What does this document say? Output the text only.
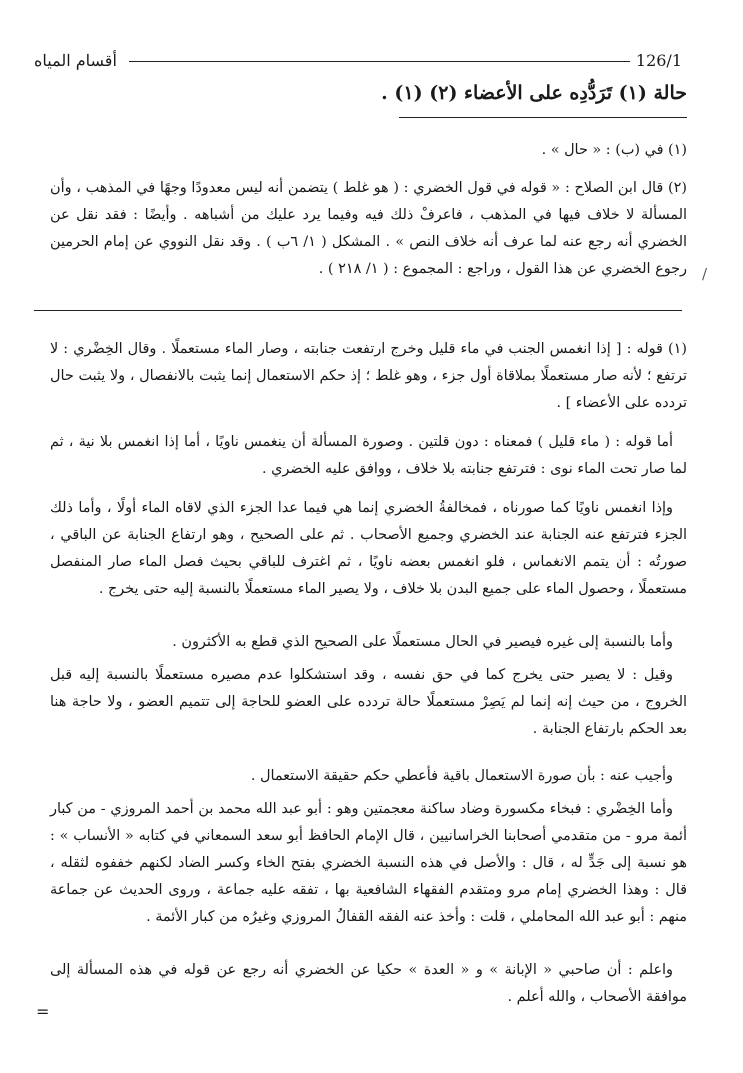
أقسام المياه	126/1
حالة (١) تَرَدُّدِه على الأعضاء (٢) (١) .
(١) في (ب) : « حال » .
(٢) قال ابن الصلاح : « قوله في قول الخضري : ( هو غلط ) يتضمن أنه ليس معدودًا وجهًا في المذهب ، وأن المسألة لا خلاف فيها في المذهب ، فاعرفْ ذلك فيه وفيما يرد عليك من أشباهه . وأيضًا : فقد نقل عن الخضري أنه رجع عنه لما عرف أنه خلاف النص » . المشكل ( ١/ ٦ب ) . وقد نقل النووي عن إمام الحرمين رجوع الخضري عن هذا القول ، وراجع : المجموع : ( ١/ ٢١٨ ) . /
(١) قوله : [ إذا انغمس الجنب في ماء قليل وخرج ارتفعت جنابته ، وصار الماء مستعملًا . وقال الخِضْري : لا ترتفع ؛ لأنه صار مستعملًا بملاقاة أول جزء ، وهو غلط ؛ إذ حكم الاستعمال إنما يثبت بالانفصال ، ولا يثبت حال تردده على الأعضاء ] .
أما قوله : ( ماء قليل ) فمعناه : دون قلتين . وصورة المسألة أن ينغمس ناويًا ، أما إذا انغمس بلا نية ، ثم لما صار تحت الماء نوى : فترتفع جنابته بلا خلاف ، ووافق عليه الخضري .
وإذا انغمس ناويًا كما صورناه ، فمخالفةُ الخضري إنما هي فيما عدا الجزء الذي لاقاه الماء أولًا ، وأما ذلك الجزء فترتفع عنه الجنابة عند الخضري وجميع الأصحاب . ثم على الصحيح ، وهو ارتفاع الجنابة عن الباقي ، صورتُه : أن يتمم الانغماس ، فلو انغمس بعضه ناويًا ، ثم اغترف للباقي بحيث فصل الماء صار المنفصل مستعملًا ، وحصول الماء على جميع البدن بلا خلاف ، ولا يصير الماء مستعملًا بالنسبة إليه حتى يخرج .
وأما بالنسبة إلى غيره فيصير في الحال مستعملًا على الصحيح الذي قطع به الأكثرون .
وقيل : لا يصير حتى يخرج كما في حق نفسه ، وقد استشكلوا عدم مصيره مستعملًا بالنسبة إليه قبل الخروج ، من حيث إنه إنما لم يَصِرْ مستعملًا حالة تردده على العضو للحاجة إلى تتميم العضو ، ولا حاجة هنا بعد الحكم بارتفاع الجنابة .
وأجيب عنه : بأن صورة الاستعمال باقية فأعطي حكم حقيقة الاستعمال .
وأما الخِضْري : فبخاء مكسورة وضاد ساكنة معجمتين وهو : أبو عبد الله محمد بن أحمد المروزي - من كبار أئمة مرو - من متقدمي أصحابنا الخراسانيين ، قال الإمام الحافظ أبو سعد السمعاني في كتابه « الأنساب » : هو نسبة إلى جَدٍّ له ، قال : والأصل في هذه النسبة الخضري بفتح الخاء وكسر الضاد لكنهم خففوه لثقله ، قال : وهذا الخضري إمام مرو ومتقدم الفقهاء الشافعية بها ، تفقه عليه جماعة ، وروى الحديث عن جماعة منهم : أبو عبد الله المحاملي ، قلت : وأخذ عنه الفقه القفالُ المروزي وغيرُه من كبار الأئمة .
واعلم : أن صاحبي « الإبانة » و « العدة » حكيا عن الخضري أنه رجع عن قوله في هذه المسألة إلى موافقة الأصحاب ، والله أعلم .
=
